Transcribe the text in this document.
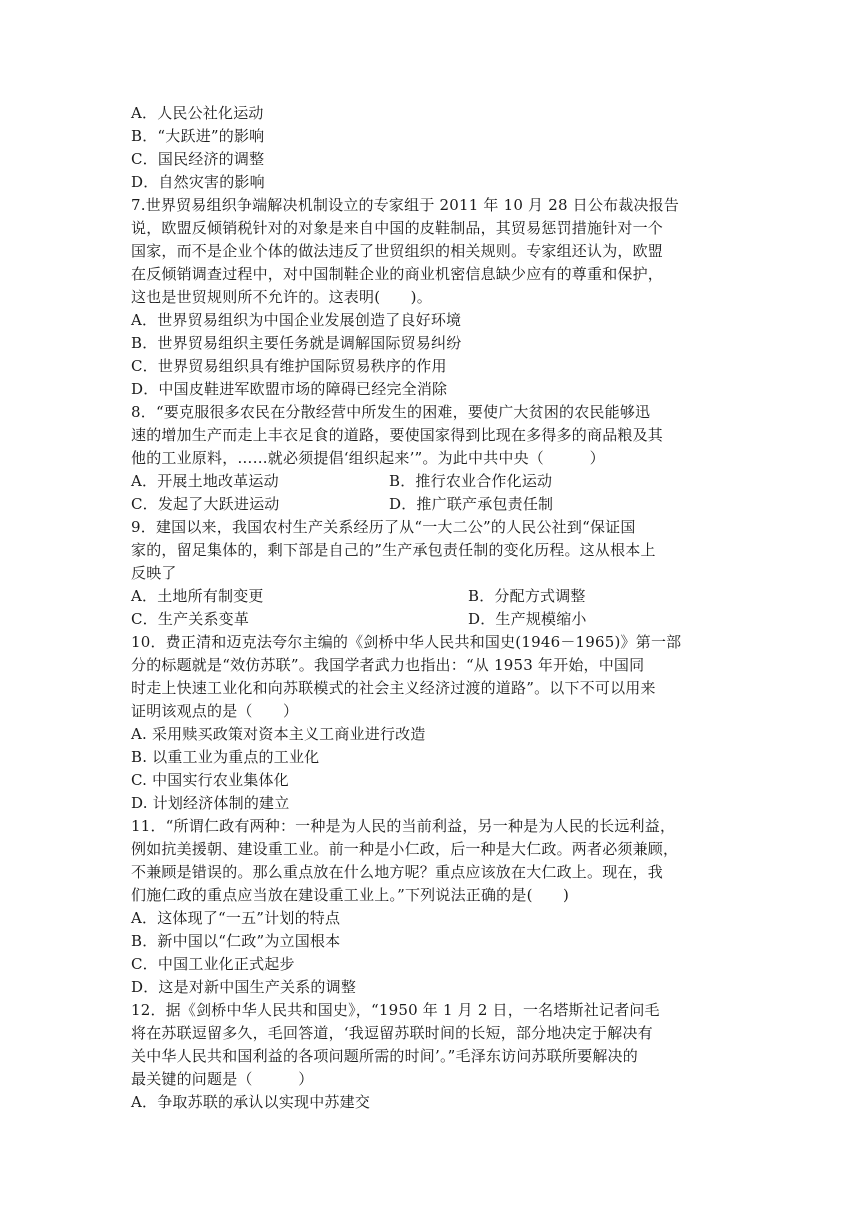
A．人民公社化运动
B．“大跃进”的影响
C．国民经济的调整
D．自然灾害的影响
7.世界贸易组织争端解决机制设立的专家组于 2011 年 10 月 28 日公布裁决报告
说，欧盟反倾销税针对的对象是来自中国的皮鞋制品，其贸易惩罚措施针对一个
国家，而不是企业个体的做法违反了世贸组织的相关规则。专家组还认为，欧盟
在反倾销调查过程中，对中国制鞋企业的商业机密信息缺少应有的尊重和保护，
这也是世贸规则所不允许的。这表明(　　)。
A．世界贸易组织为中国企业发展创造了良好环境
B．世界贸易组织主要任务就是调解国际贸易纠纷
C．世界贸易组织具有维护国际贸易秩序的作用
D．中国皮鞋进军欧盟市场的障碍已经完全消除
8．“要克服很多农民在分散经营中所发生的困难，要使广大贫困的农民能够迅
速的增加生产而走上丰衣足食的道路，要使国家得到比现在多得多的商品粮及其
他的工业原料，……就必须提倡‘组织起来’”。为此中共中央（　　　）
A．开展土地改革运动	B．推行农业合作化运动
C．发起了大跃进运动	D．推广联产承包责任制
9．建国以来，我国农村生产关系经历了从“一大二公”的人民公社到“保证国
家的，留足集体的，剩下部是自己的”生产承包责任制的变化历程。这从根本上
反映了
A．土地所有制变更	B．分配方式调整
C．生产关系变革	D．生产规模缩小
10．费正清和迈克法夸尔主编的《剑桥中华人民共和国史(1946－1965)》第一部
分的标题就是“效仿苏联”。我国学者武力也指出：“从 1953 年开始，中国同
时走上快速工业化和向苏联模式的社会主义经济过渡的道路”。以下不可以用来
证明该观点的是（　　）
A. 采用赎买政策对资本主义工商业进行改造
B. 以重工业为重点的工业化
C. 中国实行农业集体化
D. 计划经济体制的建立
11．“所谓仁政有两种：一种是为人民的当前利益，另一种是为人民的长远利益，
例如抗美援朝、建设重工业。前一种是小仁政，后一种是大仁政。两者必须兼顾，
不兼顾是错误的。那么重点放在什么地方呢？重点应该放在大仁政上。现在，我
们施仁政的重点应当放在建设重工业上。”下列说法正确的是(　　)
A．这体现了“一五”计划的特点
B．新中国以“仁政”为立国根本
C．中国工业化正式起步
D．这是对新中国生产关系的调整
12．据《剑桥中华人民共和国史》，“1950 年 1 月 2 日，一名塔斯社记者问毛
将在苏联逗留多久，毛回答道，‘我逗留苏联时间的长短，部分地决定于解决有
关中华人民共和国利益的各项问题所需的时间’。”毛泽东访问苏联所要解决的
最关键的问题是（　　　）
A．争取苏联的承认以实现中苏建交
